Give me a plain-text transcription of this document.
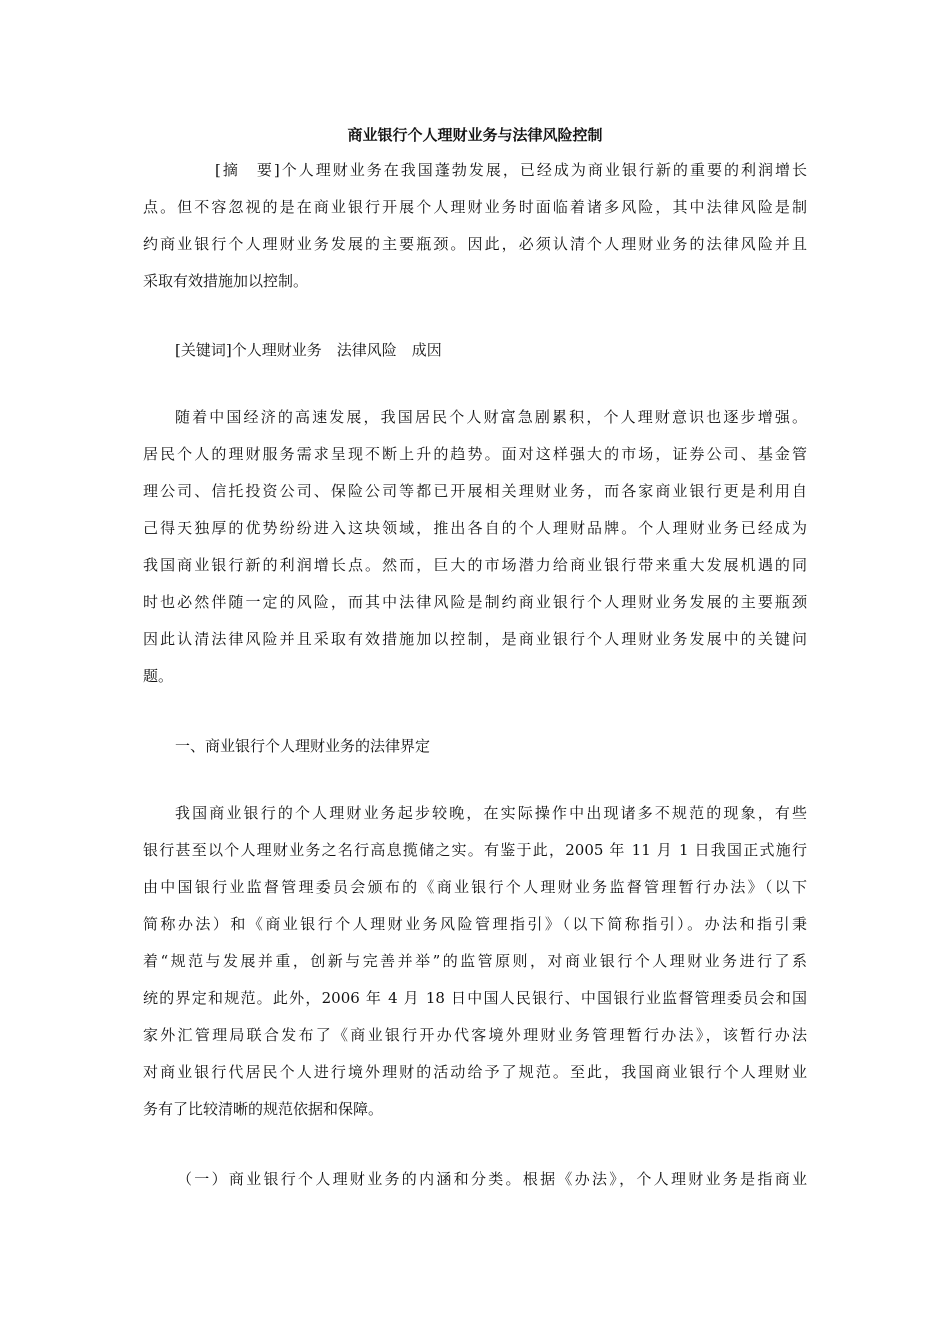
商业银行个人理财业务与法律风险控制
[摘　要]个人理财业务在我国蓬勃发展，已经成为商业银行新的重要的利润增长
点。但不容忽视的是在商业银行开展个人理财业务时面临着诸多风险，其中法律风险是制
约商业银行个人理财业务发展的主要瓶颈。因此，必须认清个人理财业务的法律风险并且
采取有效措施加以控制。
[关键词]个人理财业务　法律风险　成因
随着中国经济的高速发展，我国居民个人财富急剧累积，个人理财意识也逐步增强。
居民个人的理财服务需求呈现不断上升的趋势。面对这样强大的市场，证券公司、基金管
理公司、信托投资公司、保险公司等都已开展相关理财业务，而各家商业银行更是利用自
己得天独厚的优势纷纷进入这块领域，推出各自的个人理财品牌。个人理财业务已经成为
我国商业银行新的利润增长点。然而，巨大的市场潜力给商业银行带来重大发展机遇的同
时也必然伴随一定的风险，而其中法律风险是制约商业银行个人理财业务发展的主要瓶颈
因此认清法律风险并且采取有效措施加以控制，是商业银行个人理财业务发展中的关键问
题。
一、商业银行个人理财业务的法律界定
我国商业银行的个人理财业务起步较晚，在实际操作中出现诸多不规范的现象，有些
银行甚至以个人理财业务之名行高息揽储之实。有鉴于此，2005 年 11 月 1 日我国正式施行
由中国银行业监督管理委员会颁布的《商业银行个人理财业务监督管理暂行办法》（以下
简称办法）和《商业银行个人理财业务风险管理指引》（以下简称指引）。办法和指引秉
着“规范与发展并重，创新与完善并举”的监管原则，对商业银行个人理财业务进行了系
统的界定和规范。此外，2006 年 4 月 18 日中国人民银行、中国银行业监督管理委员会和国
家外汇管理局联合发布了《商业银行开办代客境外理财业务管理暂行办法》，该暂行办法
对商业银行代居民个人进行境外理财的活动给予了规范。至此，我国商业银行个人理财业
务有了比较清晰的规范依据和保障。
（一）商业银行个人理财业务的内涵和分类。根据《办法》，个人理财业务是指商业
